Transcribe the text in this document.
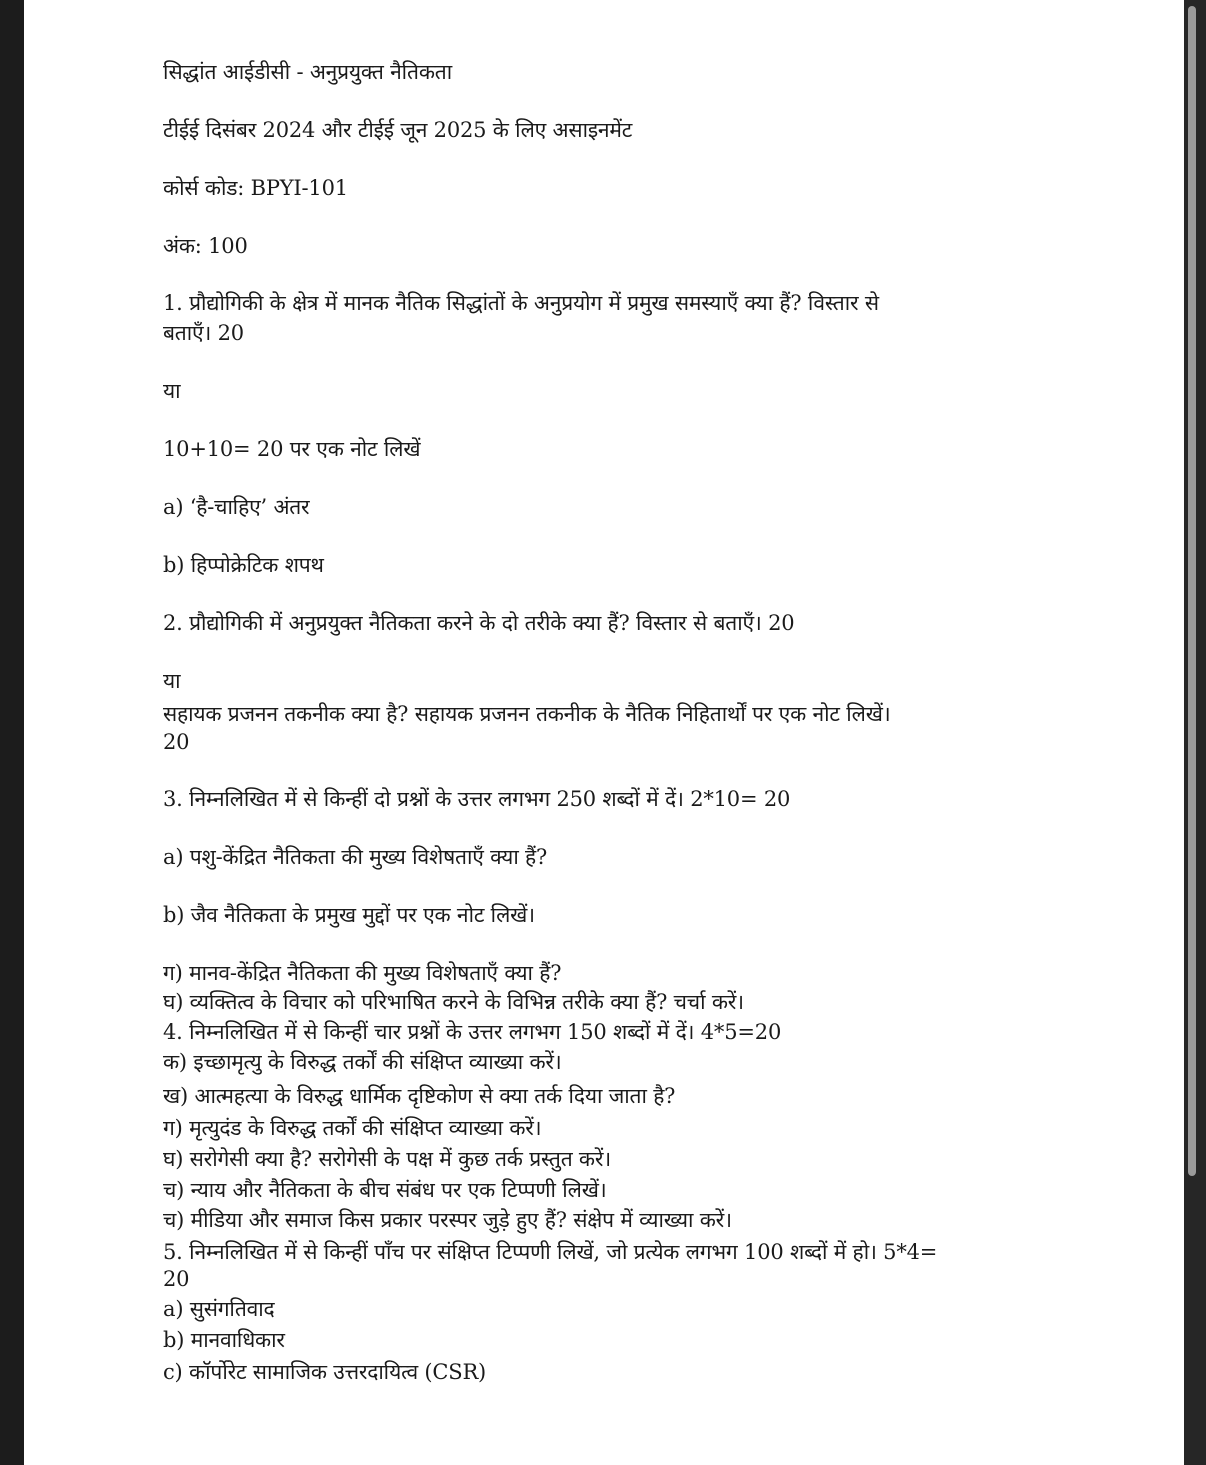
सिद्धांत आईडीसी - अनुप्रयुक्त नैतिकता
टीईई दिसंबर 2024 और टीईई जून 2025 के लिए असाइनमेंट
कोर्स कोड: BPYI-101
अंक: 100
1. प्रौद्योगिकी के क्षेत्र में मानक नैतिक सिद्धांतों के अनुप्रयोग में प्रमुख समस्याएँ क्या हैं? विस्तार से
बताएँ। 20
या
10+10= 20 पर एक नोट लिखें
a) ‘है-चाहिए’ अंतर
b) हिप्पोक्रेटिक शपथ
2. प्रौद्योगिकी में अनुप्रयुक्त नैतिकता करने के दो तरीके क्या हैं? विस्तार से बताएँ। 20
या
सहायक प्रजनन तकनीक क्या है? सहायक प्रजनन तकनीक के नैतिक निहितार्थों पर एक नोट लिखें।
20
3. निम्नलिखित में से किन्हीं दो प्रश्नों के उत्तर लगभग 250 शब्दों में दें। 2*10= 20
a) पशु-केंद्रित नैतिकता की मुख्य विशेषताएँ क्या हैं?
b) जैव नैतिकता के प्रमुख मुद्दों पर एक नोट लिखें।
ग) मानव-केंद्रित नैतिकता की मुख्य विशेषताएँ क्या हैं?
घ) व्यक्तित्व के विचार को परिभाषित करने के विभिन्न तरीके क्या हैं? चर्चा करें।
4. निम्नलिखित में से किन्हीं चार प्रश्नों के उत्तर लगभग 150 शब्दों में दें। 4*5=20
क) इच्छामृत्यु के विरुद्ध तर्कों की संक्षिप्त व्याख्या करें।
ख) आत्महत्या के विरुद्ध धार्मिक दृष्टिकोण से क्या तर्क दिया जाता है?
ग) मृत्युदंड के विरुद्ध तर्कों की संक्षिप्त व्याख्या करें।
घ) सरोगेसी क्या है? सरोगेसी के पक्ष में कुछ तर्क प्रस्तुत करें।
च) न्याय और नैतिकता के बीच संबंध पर एक टिप्पणी लिखें।
च) मीडिया और समाज किस प्रकार परस्पर जुड़े हुए हैं? संक्षेप में व्याख्या करें।
5. निम्नलिखित में से किन्हीं पाँच पर संक्षिप्त टिप्पणी लिखें, जो प्रत्येक लगभग 100 शब्दों में हो। 5*4=
20
a) सुसंगतिवाद
b) मानवाधिकार
c) कॉर्पोरेट सामाजिक उत्तरदायित्व (CSR)
